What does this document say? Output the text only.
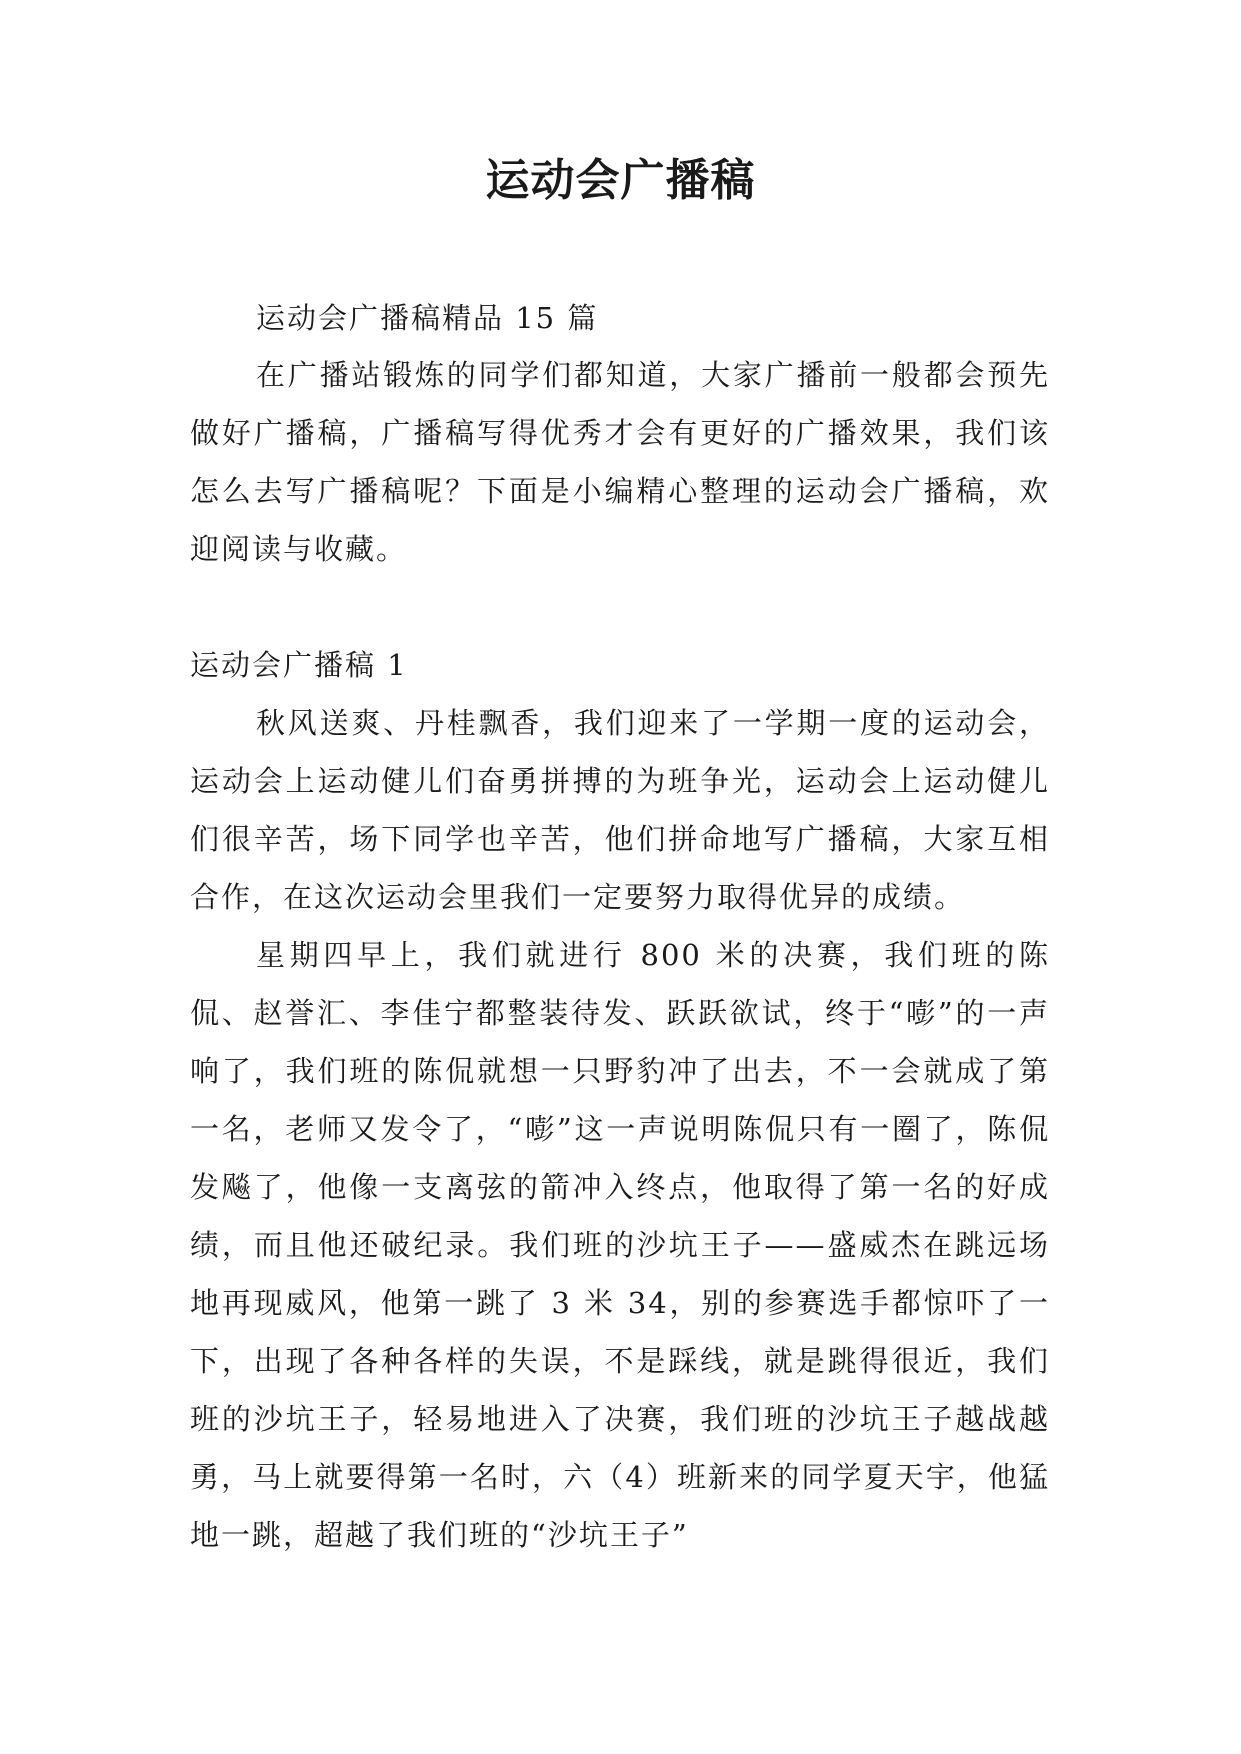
运动会广播稿
运动会广播稿精品 15 篇
在广播站锻炼的同学们都知道，大家广播前一般都会预先做好广播稿，广播稿写得优秀才会有更好的广播效果，我们该怎么去写广播稿呢？下面是小编精心整理的运动会广播稿，欢迎阅读与收藏。
运动会广播稿 1
秋风送爽、丹桂飘香，我们迎来了一学期一度的运动会，运动会上运动健儿们奋勇拼搏的为班争光，运动会上运动健儿们很辛苦，场下同学也辛苦，他们拼命地写广播稿，大家互相合作，在这次运动会里我们一定要努力取得优异的成绩。
星期四早上，我们就进行 800 米的决赛，我们班的陈侃、赵誉汇、李佳宁都整装待发、跃跃欲试，终于“嘭”的一声响了，我们班的陈侃就想一只野豹冲了出去，不一会就成了第一名，老师又发令了，“嘭”这一声说明陈侃只有一圈了，陈侃发飚了，他像一支离弦的箭冲入终点，他取得了第一名的好成绩，而且他还破纪录。我们班的沙坑王子——盛威杰在跳远场地再现威风，他第一跳了 3 米 34，别的参赛选手都惊吓了一下，出现了各种各样的失误，不是踩线，就是跳得很近，我们班的沙坑王子，轻易地进入了决赛，我们班的沙坑王子越战越勇，马上就要得第一名时，六（4）班新来的同学夏天宇，他猛地一跳，超越了我们班的“沙坑王子”
